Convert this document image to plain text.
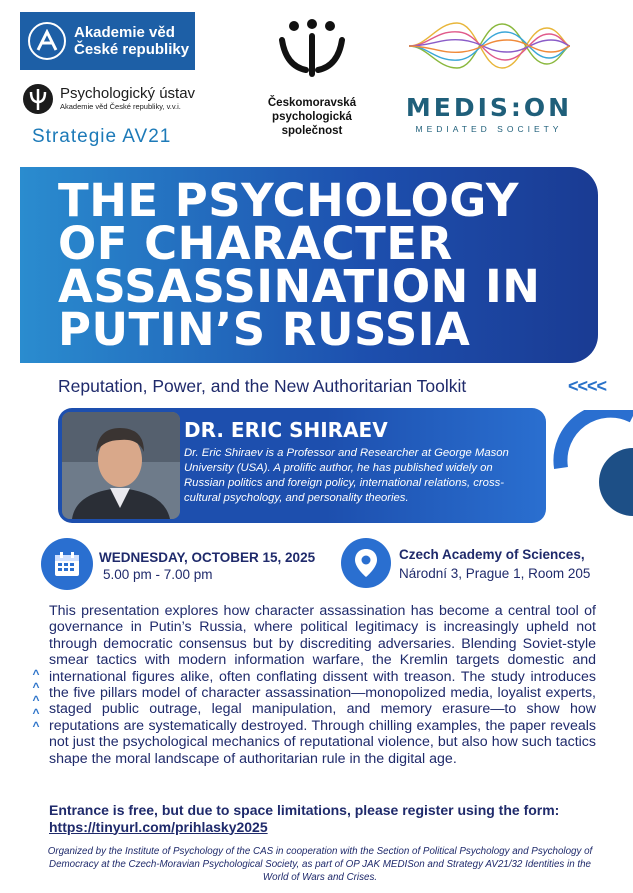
Akademie věd
České republiky
Psychologický ústav
Akademie věd České republiky, v.v.i.
Strategie AV21
Českomoravská
psychologická
společnost
MEDIS:ON
MEDIATED SOCIETY
THE PSYCHOLOGY OF CHARACTER ASSASSINATION IN PUTIN’S RUSSIA
Reputation, Power, and the New Authoritarian Toolkit	<<<<
DR. ERIC SHIRAEV
Dr. Eric Shiraev is a Professor and Researcher at George Mason University (USA). A prolific author, he has published widely on Russian politics and foreign policy, international relations, cross-cultural psychology, and personality theories.
WEDNESDAY, OCTOBER 15, 2025
5.00 pm - 7.00 pm
Czech Academy of Sciences,
Národní 3, Prague 1, Room 205
^
^
^
^
^
This presentation explores how character assassination has become a central tool of governance in Putin’s Russia, where political legitimacy is increasingly upheld not through democratic consensus but by discrediting adversaries. Blending Soviet-style smear tactics with modern information warfare, the Kremlin targets domestic and international figures alike, often conflating dissent with treason. The study introduces the five pillars model of character assassination—monopolized media, loyalist experts, staged public outrage, legal manipulation, and memory erasure—to show how reputations are systematically destroyed. Through chilling examples, the paper reveals not just the psychological mechanics of reputational violence, but also how such tactics shape the moral landscape of authoritarian rule in the digital age.
Entrance is free, but due to space limitations, please register using the form:
https://tinyurl.com/prihlasky2025
Organized by the Institute of Psychology of the CAS in cooperation with the Section of Political Psychology and Psychology of Democracy at the Czech-Moravian Psychological Society, as part of OP JAK MEDISon and Strategy AV21/32 Identities in the World of Wars and Crises.
